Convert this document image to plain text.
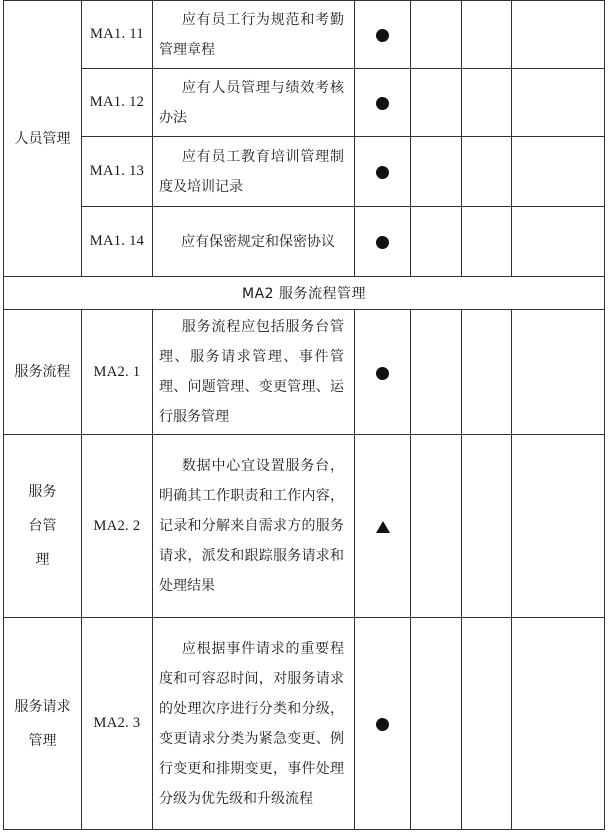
人员管理	MA1. 11	应有员工行为规范和考勤管理章程				
	MA1. 12	应有人员管理与绩效考核办法				
	MA1. 13	应有员工教育培训管理制度及培训记录				
	MA1. 14	应有保密规定和保密协议				
MA2 服务流程管理						
服务流程	MA2. 1	服务流程应包括服务台管理、服务请求管理、事件管理、问题管理、变更管理、运行服务管理				

服务台管理	MA2. 2	数据中心宜设置服务台，明确其工作职责和工作内容，记录和分解来自需求方的服务请求，派发和跟踪服务请求和处理结果				

服务请求管理	MA2. 3	应根据事件请求的重要程度和可容忍时间，对服务请求的处理次序进行分类和分级，变更请求分类为紧急变更、例行变更和排期变更，事件处理分级为优先级和升级流程				
